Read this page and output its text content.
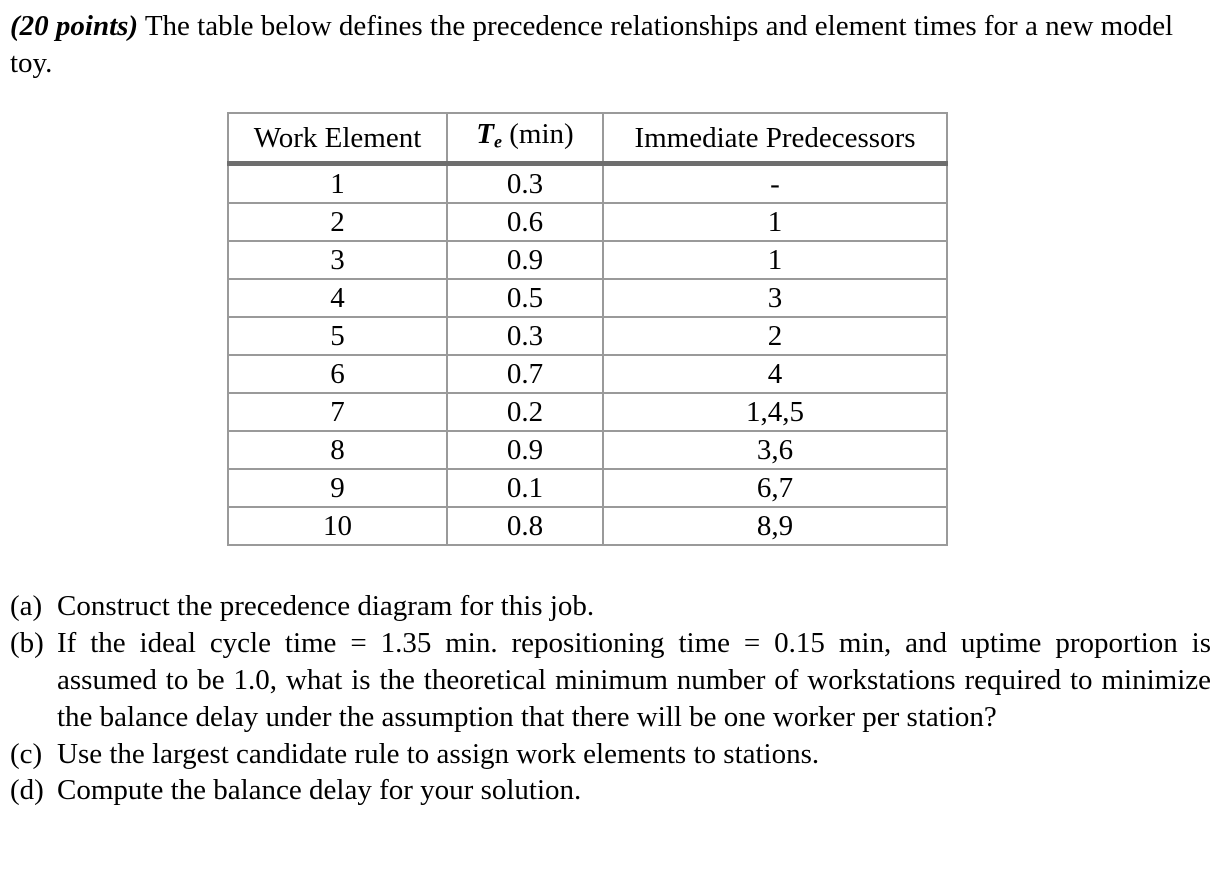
(20 points) The table below defines the precedence relationships and element times for a new model toy.

Work Element	$T_e$ (min)	Immediate Predecessors
1	0.3	-
2	0.6	1
3	0.9	1
4	0.5	3
5	0.3	2
6	0.7	4
7	0.2	1,4,5
8	0.9	3,6
9	0.1	6,7
10	0.8	8,9
(a) Construct the precedence diagram for this job.
(b) If the ideal cycle time = 1.35 min. repositioning time = 0.15 min, and uptime proportion is assumed to be 1.0, what is the theoretical minimum number of workstations required to minimize the balance delay under the assumption that there will be one worker per station?
(c) Use the largest candidate rule to assign work elements to stations.
(d) Compute the balance delay for your solution.
